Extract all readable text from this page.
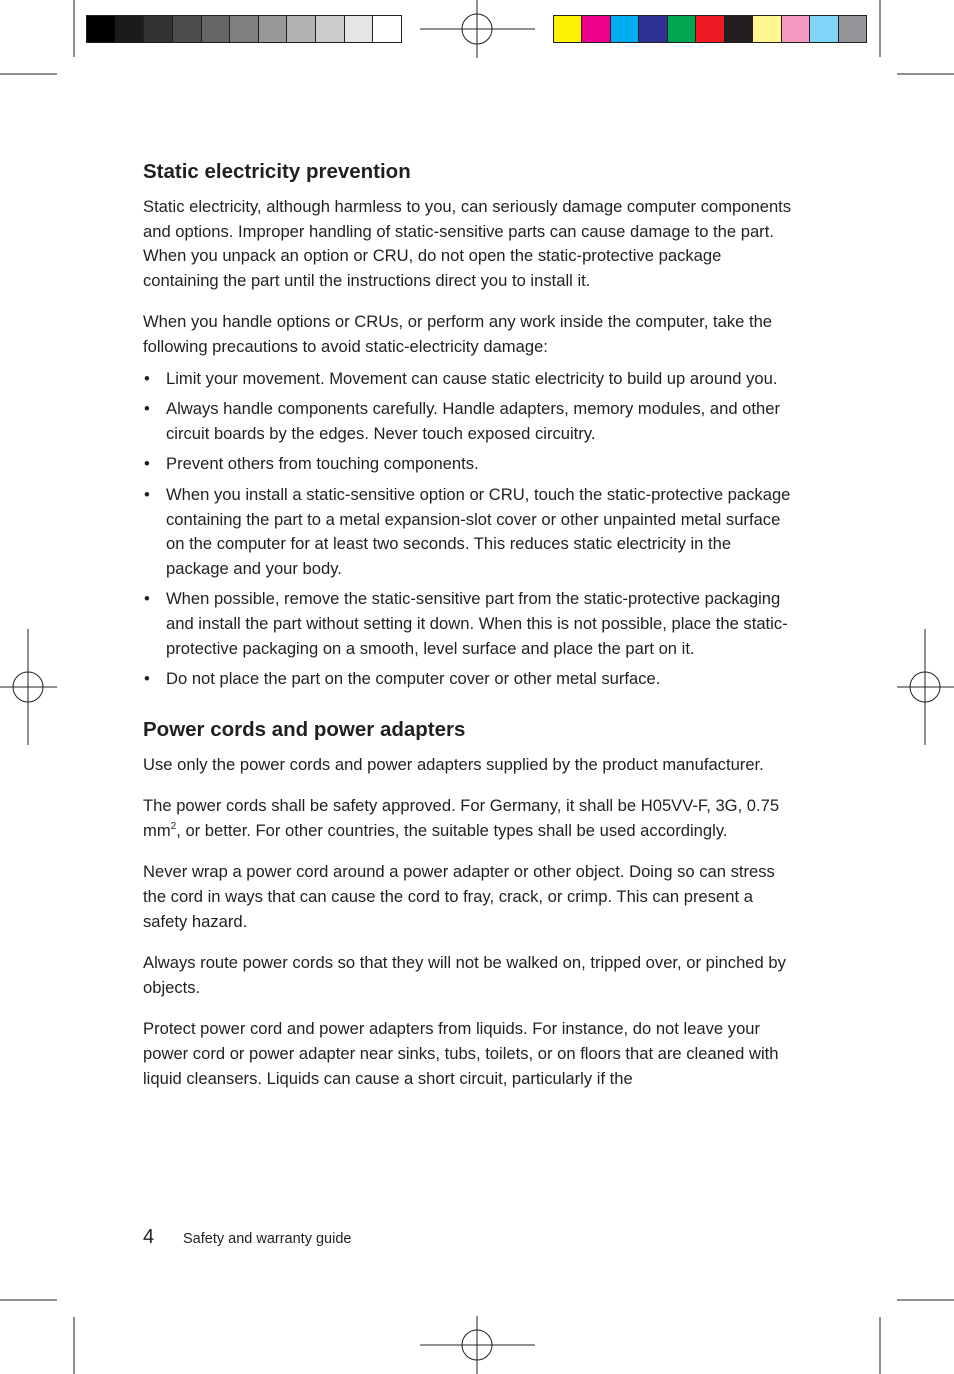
Static electricity prevention

Static electricity, although harmless to you, can seriously damage computer components and options. Improper handling of static-sensitive parts can cause damage to the part. When you unpack an option or CRU, do not open the static-protective package containing the part until the instructions direct you to install it.

When you handle options or CRUs, or perform any work inside the computer, take the following precautions to avoid static-electricity damage:

• Limit your movement. Movement can cause static electricity to build up around you.
• Always handle components carefully. Handle adapters, memory modules, and other circuit boards by the edges. Never touch exposed circuitry.
• Prevent others from touching components.
• When you install a static-sensitive option or CRU, touch the static-protective package containing the part to a metal expansion-slot cover or other unpainted metal surface on the computer for at least two seconds. This reduces static electricity in the package and your body.
• When possible, remove the static-sensitive part from the static-protective packaging and install the part without setting it down. When this is not possible, place the static-protective packaging on a smooth, level surface and place the part on it.
• Do not place the part on the computer cover or other metal surface.
Power cords and power adapters

Use only the power cords and power adapters supplied by the product manufacturer.

The power cords shall be safety approved. For Germany, it shall be H05VV-F, 3G, 0.75 $mm^2$, or better. For other countries, the suitable types shall be used accordingly.

Never wrap a power cord around a power adapter or other object. Doing so can stress the cord in ways that can cause the cord to fray, crack, or crimp. This can present a safety hazard.

Always route power cords so that they will not be walked on, tripped over, or pinched by objects.

Protect power cord and power adapters from liquids. For instance, do not leave your power cord or power adapter near sinks, tubs, toilets, or on floors that are cleaned with liquid cleansers. Liquids can cause a short circuit, particularly if the

4	Safety and warranty guide
